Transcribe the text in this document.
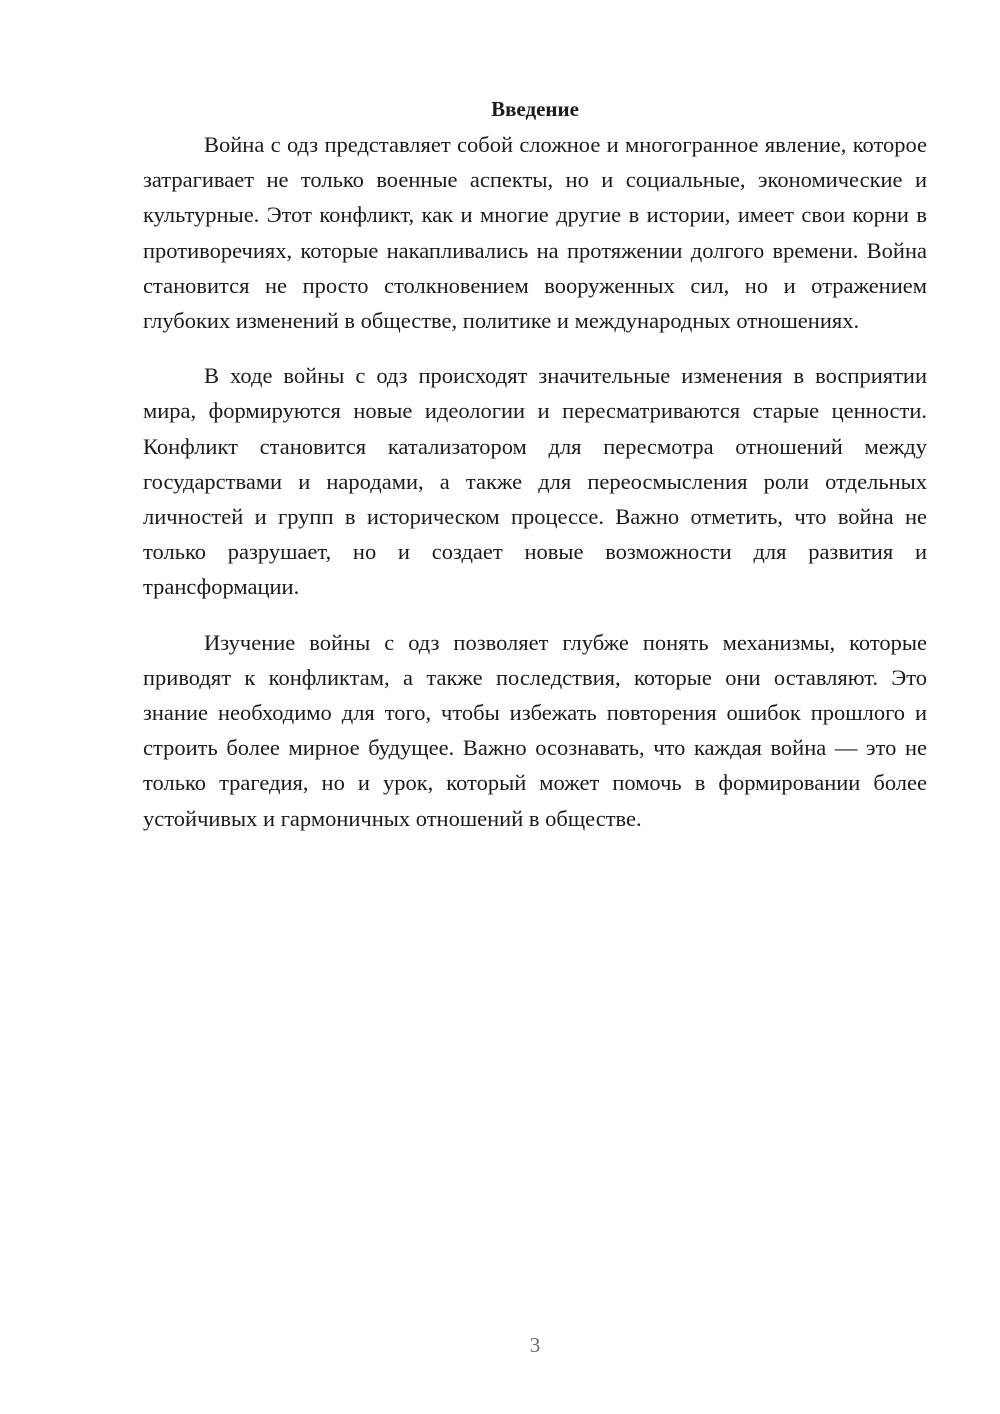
Введение

Война с одз представляет собой сложное и многогранное явление, которое затрагивает не только военные аспекты, но и социальные, экономические и культурные. Этот конфликт, как и многие другие в истории, имеет свои корни в противоречиях, которые накапливались на протяжении долгого времени. Война становится не просто столкновением вооруженных сил, но и отражением глубоких изменений в обществе, политике и международных отношениях.

В ходе войны с одз происходят значительные изменения в восприятии мира, формируются новые идеологии и пересматриваются старые ценности. Конфликт становится катализатором для пересмотра отношений между государствами и народами, а также для переосмысления роли отдельных личностей и групп в историческом процессе. Важно отметить, что война не только разрушает, но и создает новые возможности для развития и трансформации.

Изучение войны с одз позволяет глубже понять механизмы, которые приводят к конфликтам, а также последствия, которые они оставляют. Это знание необходимо для того, чтобы избежать повторения ошибок прошлого и строить более мирное будущее. Важно осознавать, что каждая война — это не только трагедия, но и урок, который может помочь в формировании более устойчивых и гармоничных отношений в обществе.

3
